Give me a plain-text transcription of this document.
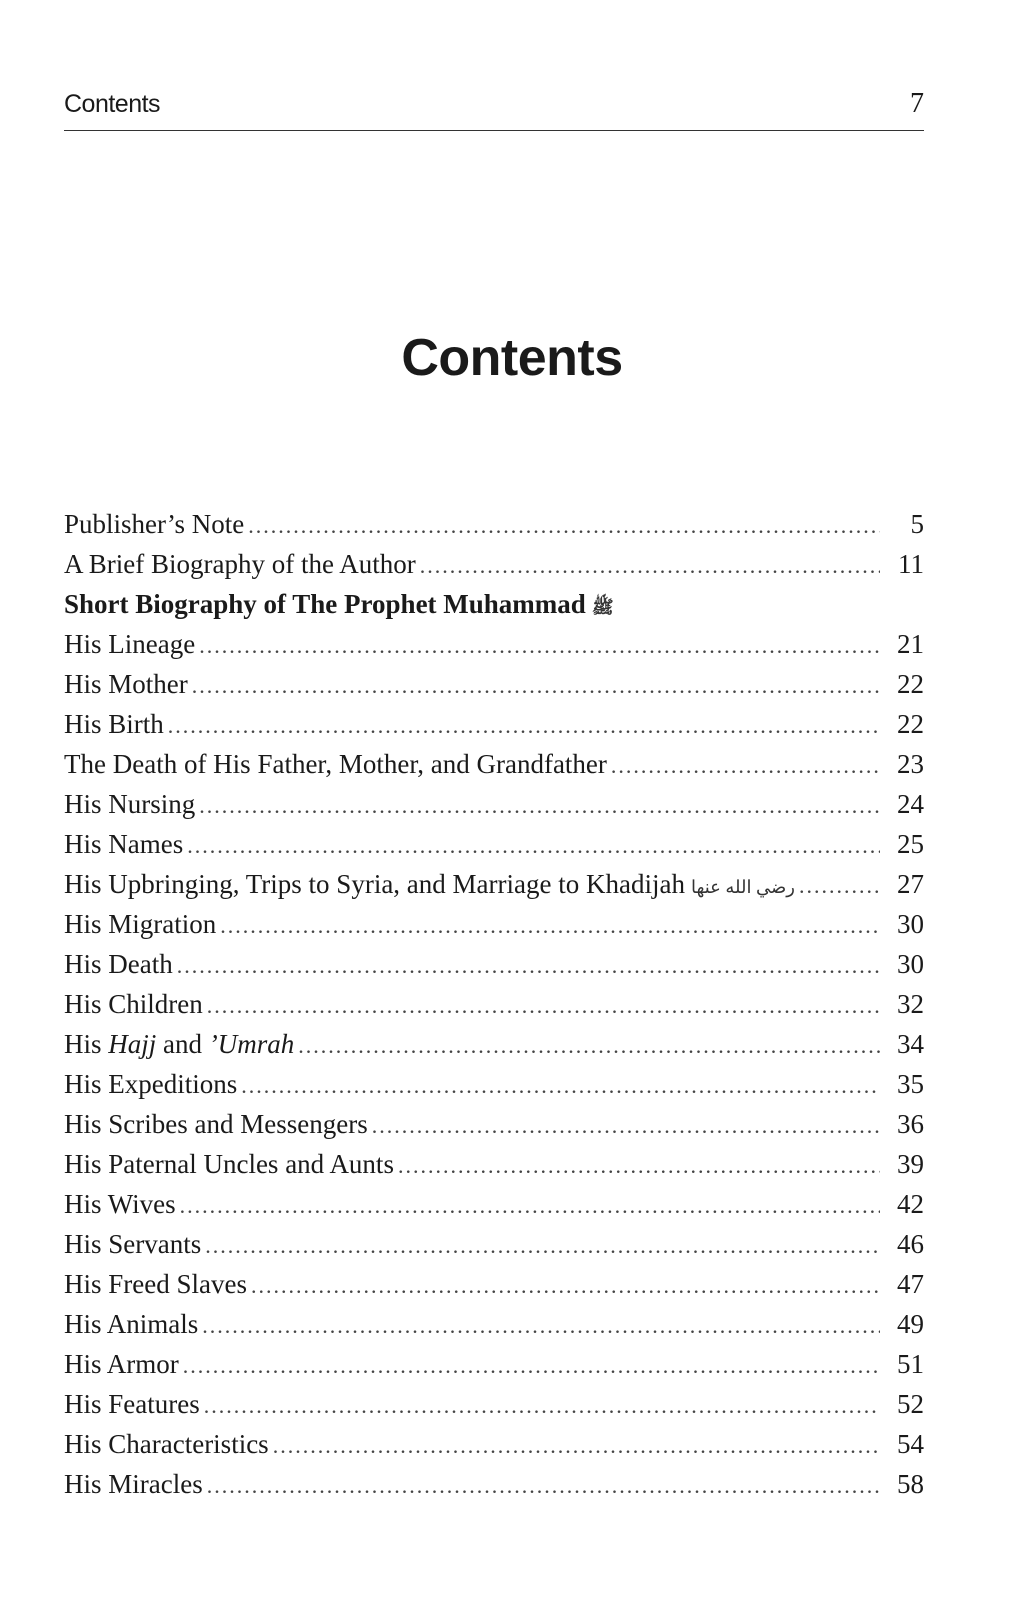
Contents	7
Contents
Publisher’s Note .....	5
A Brief Biography of the Author .....	11
Short Biography of The Prophet Muhammad ﷺ
His Lineage .....	21
His Mother .....	22
His Birth .....	22
The Death of His Father, Mother, and Grandfather .....	23
His Nursing .....	24
His Names .....	25
His Upbringing, Trips to Syria, and Marriage to Khadijah رضي الله عنها .....	27
His Migration .....	30
His Death .....	30
His Children .....	32
His Hajj and ’Umrah .....	34
His Expeditions .....	35
His Scribes and Messengers .....	36
His Paternal Uncles and Aunts .....	39
His Wives .....	42
His Servants .....	46
His Freed Slaves .....	47
His Animals .....	49
His Armor .....	51
His Features .....	52
His Characteristics .....	54
His Miracles .....	58
